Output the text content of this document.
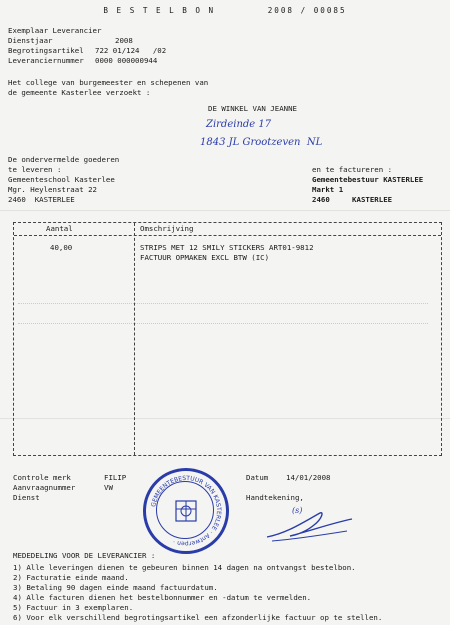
B E S T E L B O N	2008 / 00085
Exemplaar Leverancier
Dienstjaar	2008
Begrotingsartikel 722 01/124   /02
Leveranciernummer 0000 000000944
Het college van burgemeester en schepenen van
de gemeente Kasterlee verzoekt :
DE WINKEL VAN JEANNE
Zirdeinde 17
1843 JL Grootzeven  NL
De ondervermelde goederen
te leveren :
Gemeenteschool Kasterlee
Mgr. Heylenstraat 22
2460  KASTERLEE
en te factureren :
Gemeentebestuur KASTERLEE
Markt 1
2460     KASTERLEE
Aantal	Omschrijving
40,00	STRIPS MET 12 SMILY STICKERS ART01-9812
FACTUUR OPMAKEN EXCL BTW (IC)
Controle merk	FILIP
Aanvraagnummer	VW
Dienst
Datum 14/01/2008
Handtekening,
(s)
GEMEENTEBESTUUR VAN KASTERLEE · Antwerpen ·
MEDEDELING VOOR DE LEVERANCIER :
1) Alle leveringen dienen te gebeuren binnen 14 dagen na ontvangst bestelbon.
2) Facturatie einde maand.
3) Betaling 90 dagen einde maand factuurdatum.
4) Alle facturen dienen het bestelbonnummer en -datum te vermelden.
5) Factuur in 3 exemplaren.
6) Voor elk verschillend begrotingsartikel een afzonderlijke factuur op te stellen.
